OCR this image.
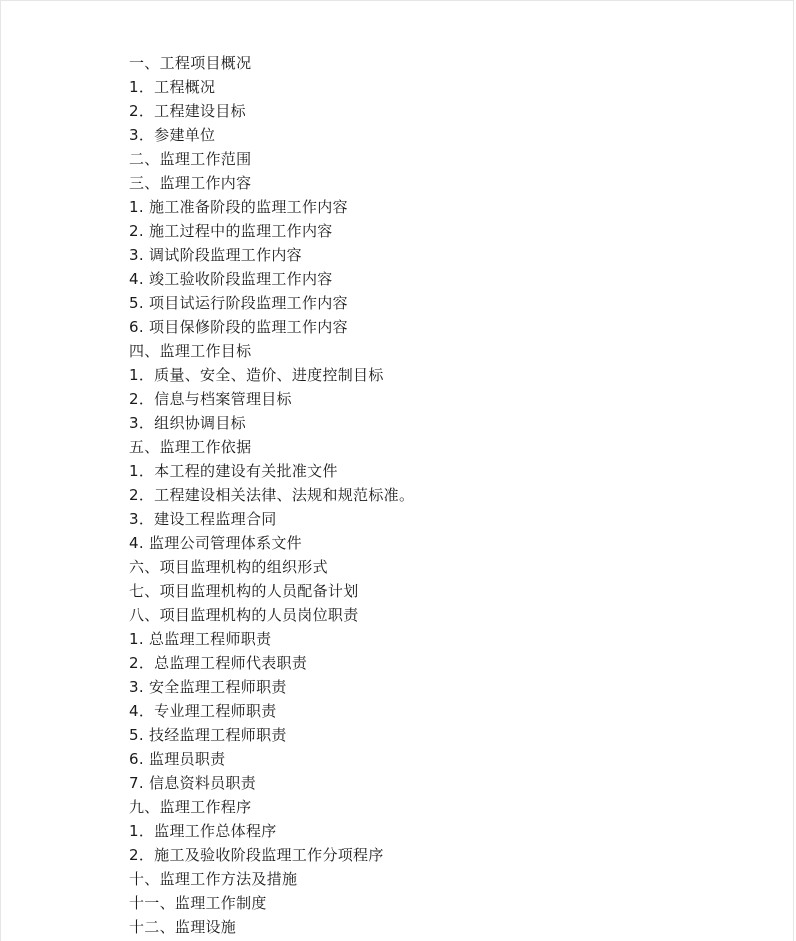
一、工程项目概况
1．工程概况
2．工程建设目标
3．参建单位
二、监理工作范围
三、监理工作内容
1. 施工准备阶段的监理工作内容
2. 施工过程中的监理工作内容
3. 调试阶段监理工作内容
4. 竣工验收阶段监理工作内容
5. 项目试运行阶段监理工作内容
6. 项目保修阶段的监理工作内容
四、监理工作目标
1．质量、安全、造价、进度控制目标
2．信息与档案管理目标
3．组织协调目标
五、监理工作依据
1．本工程的建设有关批准文件
2．工程建设相关法律、法规和规范标准。
3．建设工程监理合同
4. 监理公司管理体系文件
六、项目监理机构的组织形式
七、项目监理机构的人员配备计划
八、项目监理机构的人员岗位职责
1. 总监理工程师职责
2．总监理工程师代表职责
3. 安全监理工程师职责
4．专业理工程师职责
5. 技经监理工程师职责
6. 监理员职责
7. 信息资料员职责
九、监理工作程序
1．监理工作总体程序
2．施工及验收阶段监理工作分项程序
十、监理工作方法及措施
十一、监理工作制度
十二、监理设施
